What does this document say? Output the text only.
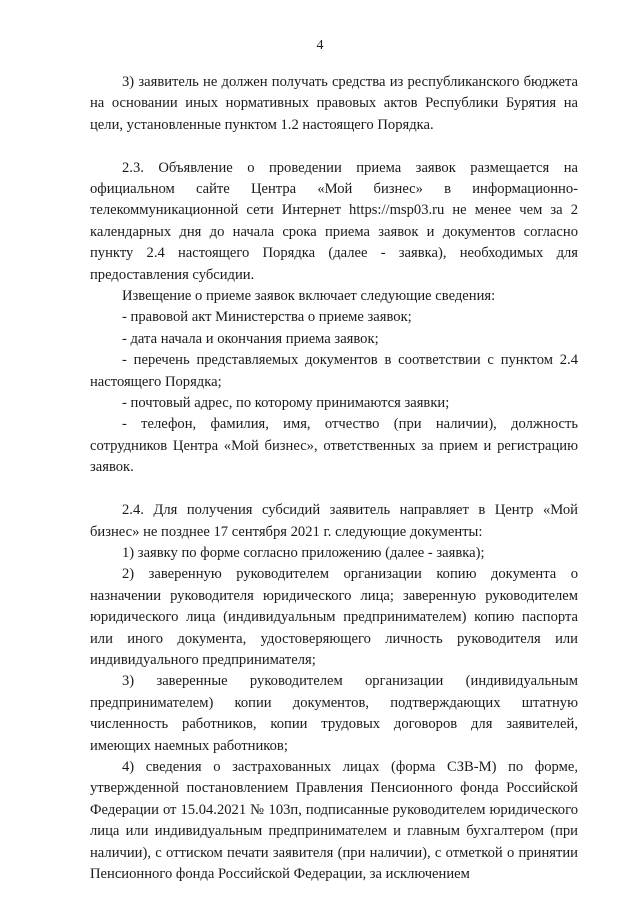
4

3) заявитель не должен получать средства из республиканского бюджета на основании иных нормативных правовых актов Республики Бурятия на цели, установленные пунктом 1.2 настоящего Порядка.

2.3. Объявление о проведении приема заявок размещается на официальном сайте Центра «Мой бизнес» в информационно-телекоммуникационной сети Интернет https://msp03.ru не менее чем за 2 календарных дня до начала срока приема заявок и документов согласно пункту 2.4 настоящего Порядка (далее - заявка), необходимых для предоставления субсидии.

Извещение о приеме заявок включает следующие сведения:

- правовой акт Министерства о приеме заявок;

- дата начала и окончания приема заявок;

- перечень представляемых документов в соответствии с пунктом 2.4 настоящего Порядка;

- почтовый адрес, по которому принимаются заявки;

- телефон, фамилия, имя, отчество (при наличии), должность сотрудников Центра «Мой бизнес», ответственных за прием и регистрацию заявок.

2.4. Для получения субсидий заявитель направляет в Центр «Мой бизнес» не позднее 17 сентября 2021 г. следующие документы:

1) заявку по форме согласно приложению (далее - заявка);

2) заверенную руководителем организации копию документа о назначении руководителя юридического лица; заверенную руководителем юридического лица (индивидуальным предпринимателем) копию паспорта или иного документа, удостоверяющего личность руководителя или индивидуального предпринимателя;

3) заверенные руководителем организации (индивидуальным предпринимателем) копии документов, подтверждающих штатную численность работников, копии трудовых договоров для заявителей, имеющих наемных работников;

4) сведения о застрахованных лицах (форма СЗВ-М) по форме, утвержденной постановлением Правления Пенсионного фонда Российской Федерации от 15.04.2021 № 103п, подписанные руководителем юридического лица или индивидуальным предпринимателем и главным бухгалтером (при наличии), с оттиском печати заявителя (при наличии), с отметкой о принятии Пенсионного фонда Российской Федерации, за исключением
